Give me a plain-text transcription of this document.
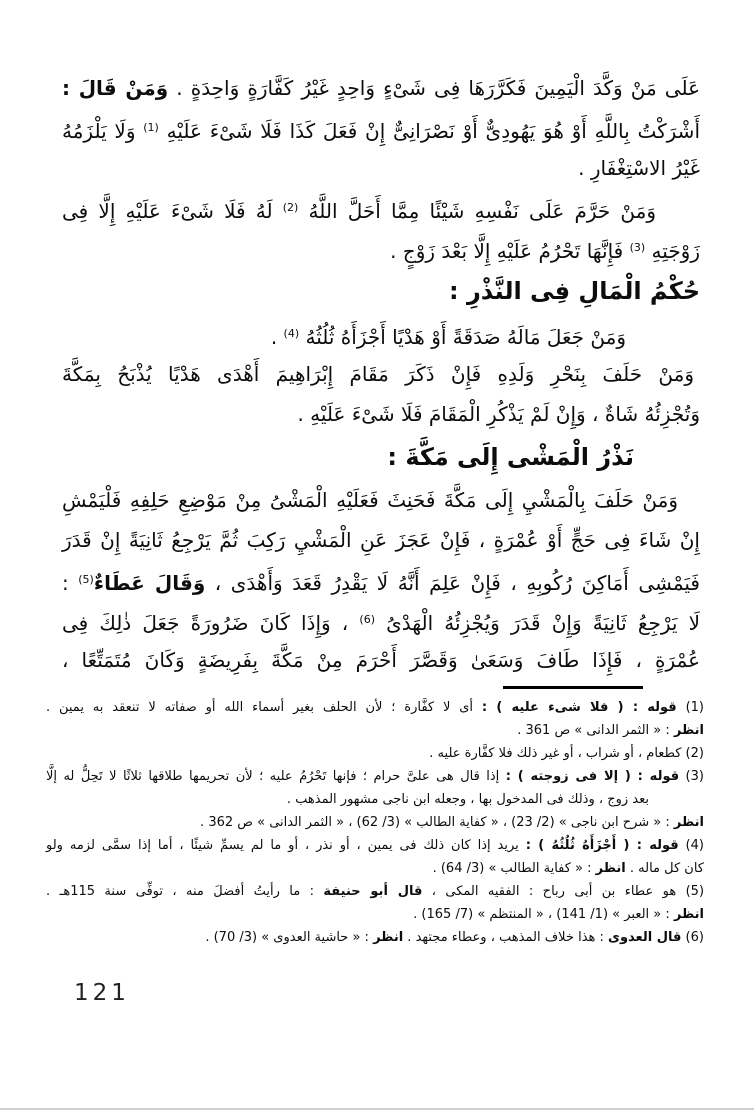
عَلَى مَنْ وَكَّدَ الْيَمِينَ فَكَرَّرَهَا فِى شَىْءٍ وَاحِدٍ غَيْرُ كَفَّارَةٍ وَاحِدَةٍ . وَمَنْ قَالَ :
أَشْرَكْتُ بِاللَّهِ أَوْ هُوَ يَهُودِىٌّ أَوْ نَصْرَانِىٌّ إِنْ فَعَلَ كَذَا فَلَا شَىْءَ عَلَيْهِ $^{(1)}$ وَلَا يَلْزَمُهُ
غَيْرُ الاسْتِغْفَارِ .
وَمَنْ حَرَّمَ عَلَى نَفْسِهِ شَيْئًا مِمَّا أَحَلَّ اللَّهُ $^{(2)}$ لَهُ فَلَا شَىْءَ عَلَيْهِ إِلَّا فِى
زَوْجَتِهِ $^{(3)}$ فَإِنَّهَا تَحْرُمُ عَلَيْهِ إِلَّا بَعْدَ زَوْجٍ .
حُكْمُ الْمَالِ فِى النَّذْرِ :
وَمَنْ جَعَلَ مَالَهُ صَدَقَةً أَوْ هَدْيًا أَجْزَأَهُ ثُلُثُهُ $^{(4)}$ .
وَمَنْ حَلَفَ بِنَحْرِ وَلَدِهِ فَإِنْ ذَكَرَ مَقَامَ إِبْرَاهِيمَ أَهْدَى هَدْيًا يُذْبَحُ بِمَكَّةَ
وَتُجْزِئُهُ شَاةٌ ، وَإِنْ لَمْ يَذْكُرِ الْمَقَامَ فَلَا شَىْءَ عَلَيْهِ .
نَذْرُ الْمَشْى إِلَى مَكَّةَ :
وَمَنْ حَلَفَ بِالْمَشْيِ إِلَى مَكَّةَ فَحَنِثَ فَعَلَيْهِ الْمَشْىُ مِنْ مَوْضِعِ حَلِفِهِ فَلْيَمْشِ
إِنْ شَاءَ فِى حَجٍّ أَوْ عُمْرَةٍ ، فَإِنْ عَجَزَ عَنِ الْمَشْيِ رَكِبَ ثُمَّ يَرْجِعُ ثَانِيَةً إِنْ قَدَرَ
فَيَمْشِى أَمَاكِنَ رُكُوبِهِ ، فَإِنْ عَلِمَ أَنَّهُ لَا يَقْدِرُ قَعَدَ وَأَهْدَى ، وَقَالَ عَطَاءٌ$^{(5)}$ :
لَا يَرْجِعُ ثَانِيَةً وَإِنْ قَدَرَ وَيُجْزِئُهُ الْهَدْىُ $^{(6)}$ ، وَإِذَا كَانَ ضَرُورَةً جَعَلَ ذٰلِكَ فِى
عُمْرَةٍ ، فَإِذَا طَافَ وَسَعَىٰ وَقَصَّرَ أَحْرَمَ مِنْ مَكَّةَ بِفَرِيضَةٍ وَكَانَ مُتَمَتِّعًا ،
(1) قوله : ( فلا شىء عليه ) : أى لا كفَّارة ؛ لأن الحلف بغير أسماء الله أو صفاته لا تنعقد به يمين .
انظر : « الثمر الدانى » ص 361 .
(2) كطعام ، أو شراب ، أو غير ذلك فلا كفَّارة عليه .
(3) قوله : ( إلا فى زوجته ) : إذا قال هى علىَّ حرام ؛ فإنها تَحْرُمُ عليه ؛ لأن تحريمها طلاقها ثلاثًا لا تَحِلُّ له إلَّا
بعد زوج ، وذلك فى المدخول بها ، وجعله ابن ناجى مشهور المذهب .
انظر : « شرح ابن ناجى » (2/ 23) ، « كفاية الطالب » (3/ 62) ، « الثمر الدانى » ص 362 .
(4) قوله : ( أَجْزَأَهُ ثُلُثُهُ ) : يريد إذا كان ذلك فى يمين ، أو نذر ، أو ما لم يسمِّ شيئًا ، أما إذا سمَّى لزمه ولو
كان كل ماله . انظر : « كفاية الطالب » (3/ 64) .
(5) هو عطاء بن أبى رباح : الفقيه المكى ، قال أبو حنيفة : ما رأيتُ أفضلَ منه ، توفِّى سنة 115هـ .
انظر : « العبر » (1/ 141) ، « المنتظم » (7/ 165) .
(6) قال العدوى : هذا خلاف المذهب ، وعطاء مجتهد . انظر : « حاشية العدوى » (3/ 70) .
121
